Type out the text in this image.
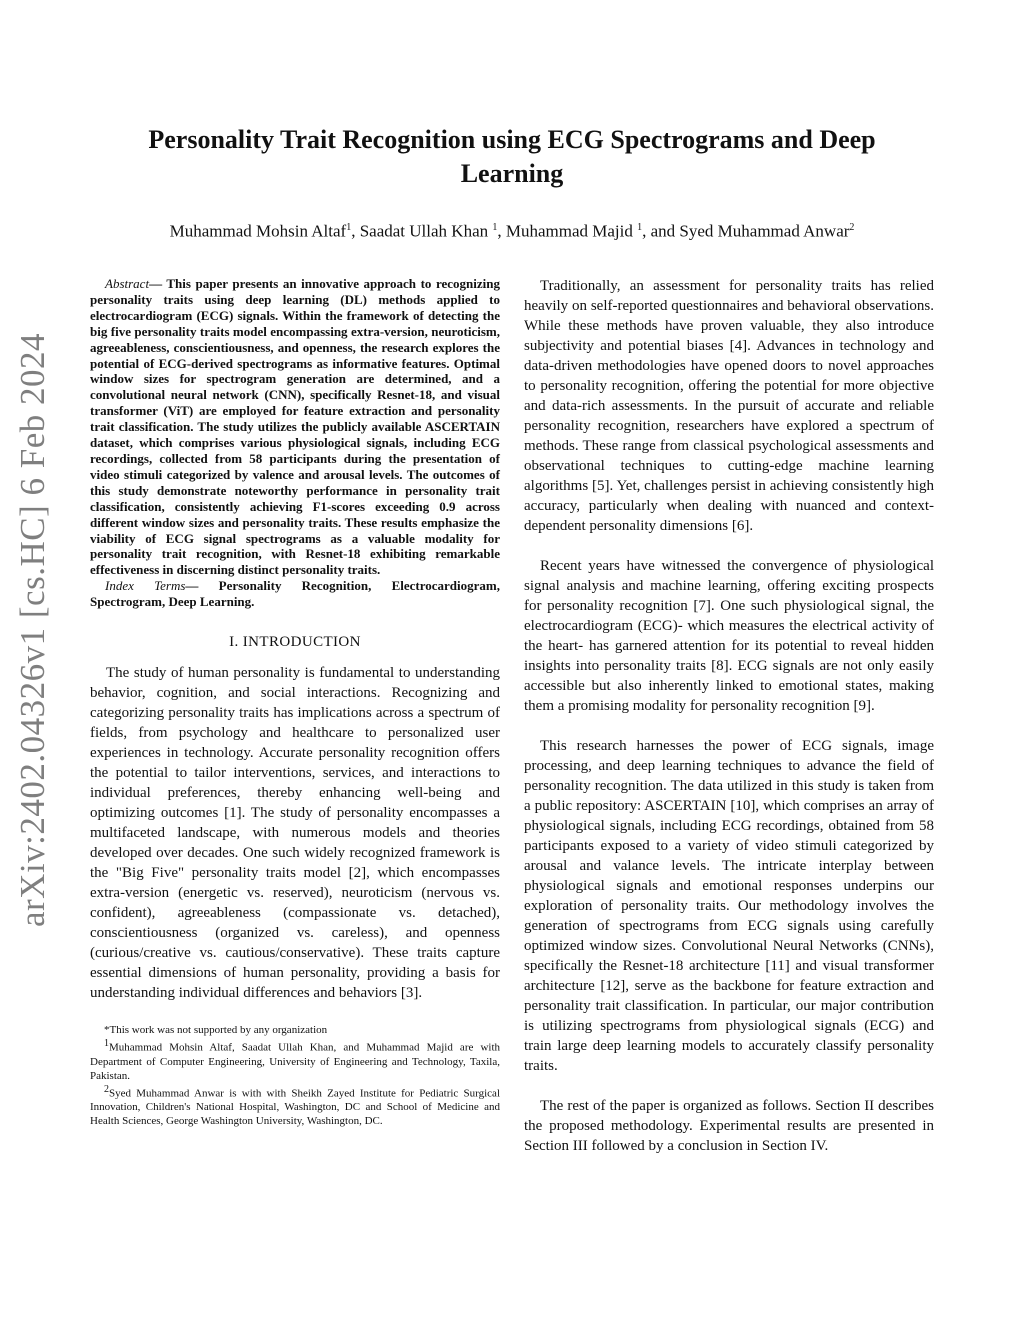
arXiv:2402.04326v1 [cs.HC] 6 Feb 2024
Personality Trait Recognition using ECG Spectrograms and Deep Learning
Muhammad Mohsin Altaf$^1$, Saadat Ullah Khan $^1$, Muhammad Majid $^1$, and Syed Muhammad Anwar$^2$

Abstract— This paper presents an innovative approach to recognizing personality traits using deep learning (DL) methods applied to electrocardiogram (ECG) signals. Within the framework of detecting the big five personality traits model encompassing extra-version, neuroticism, agreeableness, conscientiousness, and openness, the research explores the potential of ECG-derived spectrograms as informative features. Optimal window sizes for spectrogram generation are determined, and a convolutional neural network (CNN), specifically Resnet-18, and visual transformer (ViT) are employed for feature extraction and personality trait classification. The study utilizes the publicly available ASCERTAIN dataset, which comprises various physiological signals, including ECG recordings, collected from 58 participants during the presentation of video stimuli categorized by valence and arousal levels. The outcomes of this study demonstrate noteworthy performance in personality trait classification, consistently achieving F1-scores exceeding 0.9 across different window sizes and personality traits. These results emphasize the viability of ECG signal spectrograms as a valuable modality for personality trait recognition, with Resnet-18 exhibiting remarkable effectiveness in discerning distinct personality traits.

Index Terms— Personality Recognition, Electrocardiogram, Spectrogram, Deep Learning.

I. INTRODUCTION

The study of human personality is fundamental to understanding behavior, cognition, and social interactions. Recognizing and categorizing personality traits has implications across a spectrum of fields, from psychology and healthcare to personalized user experiences in technology. Accurate personality recognition offers the potential to tailor interventions, services, and interactions to individual preferences, thereby enhancing well-being and optimizing outcomes [1]. The study of personality encompasses a multifaceted landscape, with numerous models and theories developed over decades. One such widely recognized framework is the "Big Five" personality traits model [2], which encompasses extra-version (energetic vs. reserved), neuroticism (nervous vs. confident), agreeableness (compassionate vs. detached), conscientiousness (organized vs. careless), and openness (curious/creative vs. cautious/conservative). These traits capture essential dimensions of human personality, providing a basis for understanding individual differences and behaviors [3].

*This work was not supported by any organization

$^1$Muhammad Mohsin Altaf, Saadat Ullah Khan, and Muhammad Majid are with Department of Computer Engineering, University of Engineering and Technology, Taxila, Pakistan.

$^2$Syed Muhammad Anwar is with with Sheikh Zayed Institute for Pediatric Surgical Innovation, Children's National Hospital, Washington, DC and School of Medicine and Health Sciences, George Washington University, Washington, DC.

Traditionally, an assessment for personality traits has relied heavily on self-reported questionnaires and behavioral observations. While these methods have proven valuable, they also introduce subjectivity and potential biases [4]. Advances in technology and data-driven methodologies have opened doors to novel approaches to personality recognition, offering the potential for more objective and data-rich assessments. In the pursuit of accurate and reliable personality recognition, researchers have explored a spectrum of methods. These range from classical psychological assessments and observational techniques to cutting-edge machine learning algorithms [5]. Yet, challenges persist in achieving consistently high accuracy, particularly when dealing with nuanced and context-dependent personality dimensions [6].

Recent years have witnessed the convergence of physiological signal analysis and machine learning, offering exciting prospects for personality recognition [7]. One such physiological signal, the electrocardiogram (ECG)- which measures the electrical activity of the heart- has garnered attention for its potential to reveal hidden insights into personality traits [8]. ECG signals are not only easily accessible but also inherently linked to emotional states, making them a promising modality for personality recognition [9].

This research harnesses the power of ECG signals, image processing, and deep learning techniques to advance the field of personality recognition. The data utilized in this study is taken from a public repository: ASCERTAIN [10], which comprises an array of physiological signals, including ECG recordings, obtained from 58 participants exposed to a variety of video stimuli categorized by arousal and valance levels. The intricate interplay between physiological signals and emotional responses underpins our exploration of personality traits. Our methodology involves the generation of spectrograms from ECG signals using carefully optimized window sizes. Convolutional Neural Networks (CNNs), specifically the Resnet-18 architecture [11] and visual transformer architecture [12], serve as the backbone for feature extraction and personality trait classification. In particular, our major contribution is utilizing spectrograms from physiological signals (ECG) and train large deep learning models to accurately classify personality traits.

The rest of the paper is organized as follows. Section II describes the proposed methodology. Experimental results are presented in Section III followed by a conclusion in Section IV.
